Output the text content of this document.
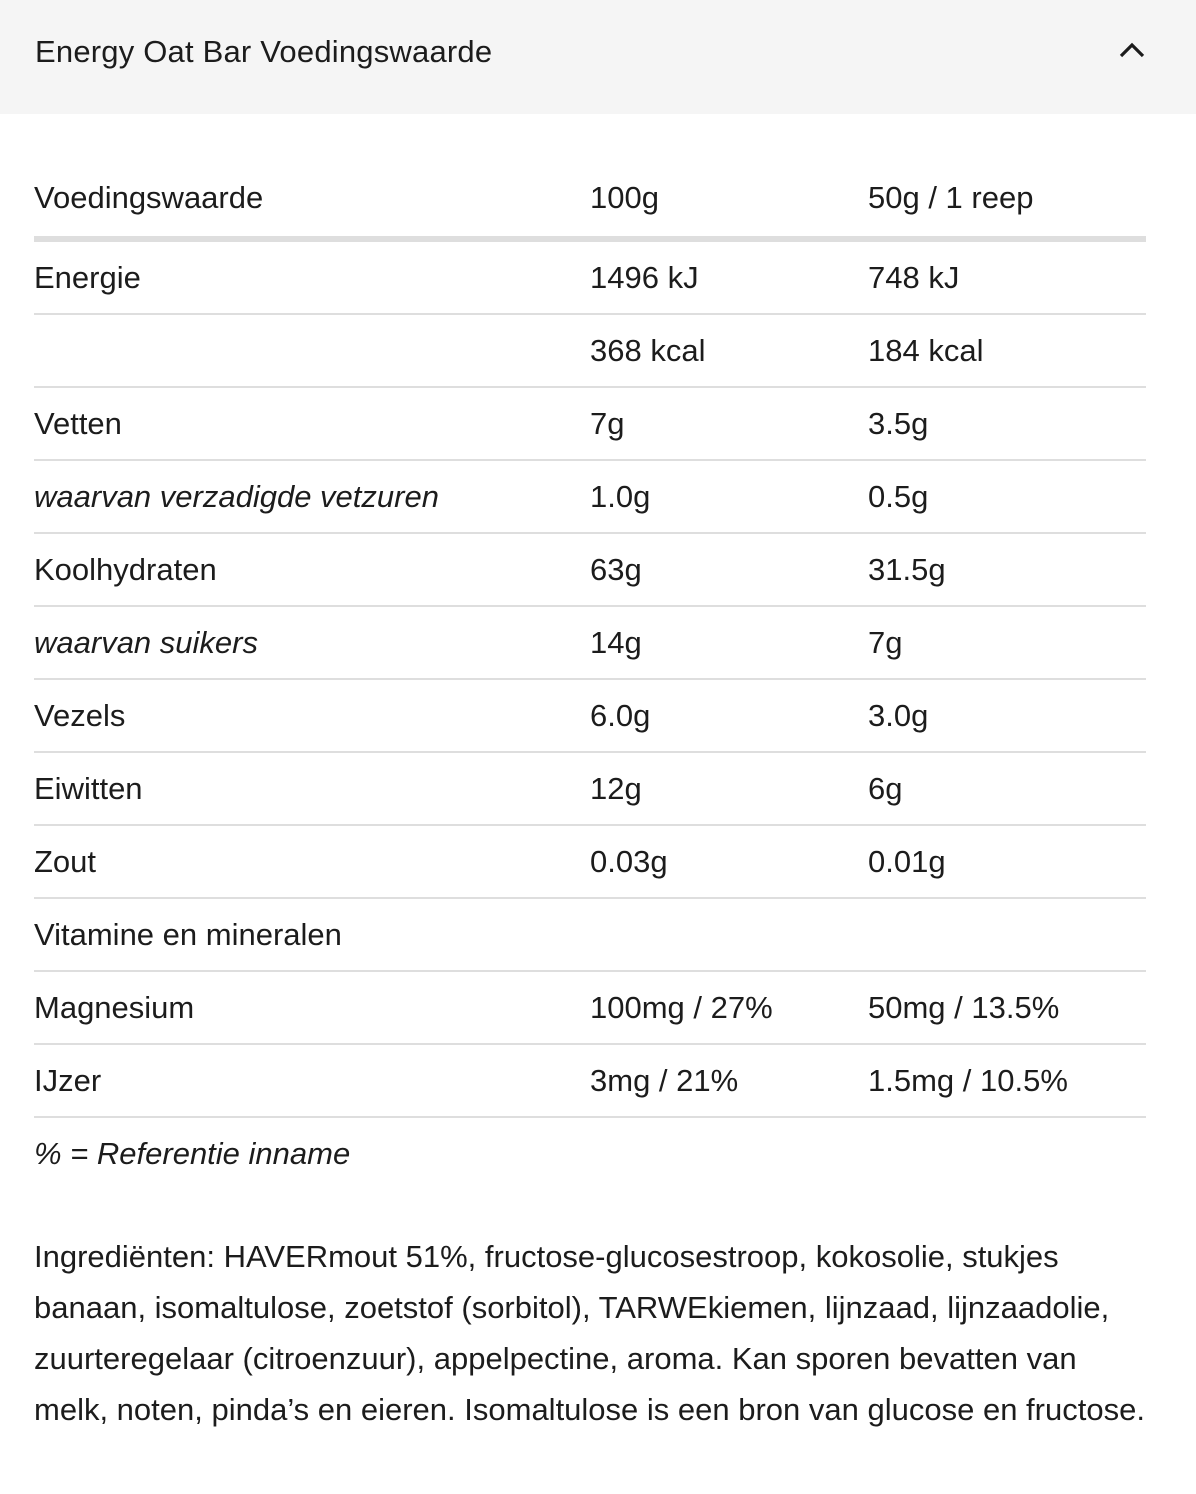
Energy Oat Bar Voedingswaarde
Voedingswaarde	100g	50g / 1 reep
Energie	1496 kJ	748 kJ
	368 kcal	184 kcal
Vetten	7g	3.5g
waarvan verzadigde vetzuren	1.0g	0.5g
Koolhydraten	63g	31.5g
waarvan suikers	14g	7g
Vezels	6.0g	3.0g
Eiwitten	12g	6g
Zout	0.03g	0.01g
Vitamine en mineralen		
Magnesium	100mg / 27%	50mg / 13.5%
IJzer	3mg / 21%	1.5mg / 10.5%
% = Referentie inname

Ingrediënten: HAVERmout 51%, fructose-glucosestroop, kokosolie, stukjes banaan, isomaltulose, zoetstof (sorbitol), TARWEkiemen, lijnzaad, lijnzaadolie, zuurteregelaar (citroenzuur), appelpectine, aroma. Kan sporen bevatten van melk, noten, pinda’s en eieren. Isomaltulose is een bron van glucose en fructose.
